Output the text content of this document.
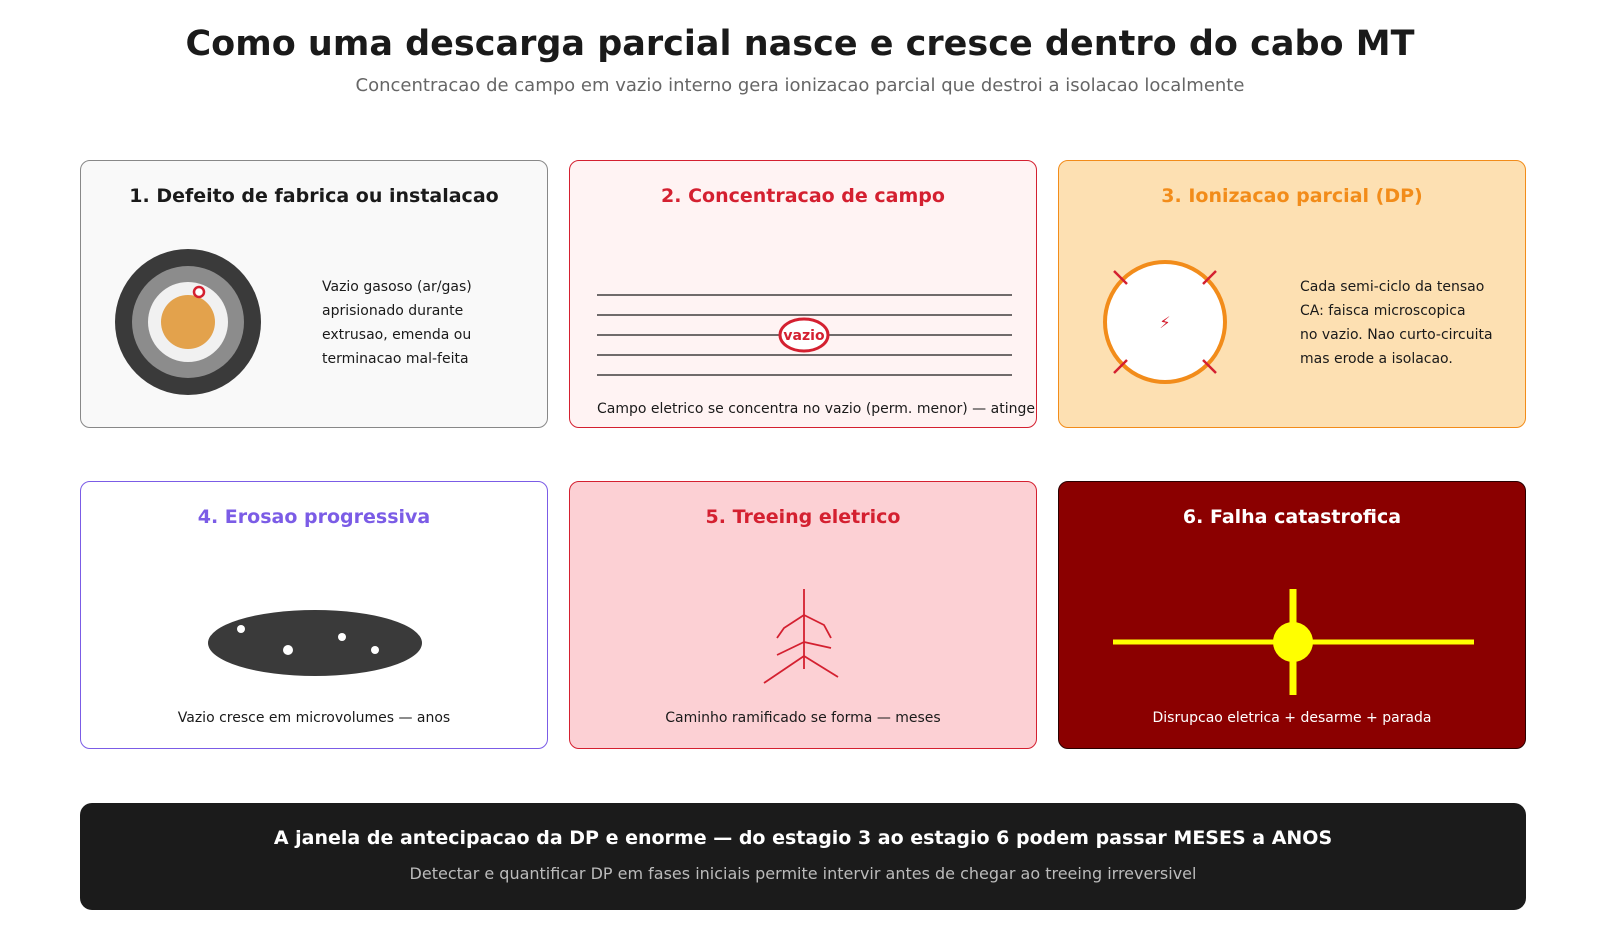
Como uma descarga parcial nasce e cresce dentro do cabo MT
Concentracao de campo em vazio interno gera ionizacao parcial que destroi a isolacao localmente
1. Defeito de fabrica ou instalacao
Vazio gasoso (ar/gas)
aprisionado durante
extrusao, emenda ou
terminacao mal-feita
2. Concentracao de campo
vazio
Campo eletrico se concentra no vazio (perm. menor) — atinge
3. Ionizacao parcial (DP)
⚡
Cada semi-ciclo da tensao
CA: faisca microscopica
no vazio. Nao curto-circuita
mas erode a isolacao.
4. Erosao progressiva
Vazio cresce em microvolumes — anos
5. Treeing eletrico
Caminho ramificado se forma — meses
6. Falha catastrofica
Disrupcao eletrica + desarme + parada
A janela de antecipacao da DP e enorme — do estagio 3 ao estagio 6 podem passar MESES a ANOS
Detectar e quantificar DP em fases iniciais permite intervir antes de chegar ao treeing irreversivel
